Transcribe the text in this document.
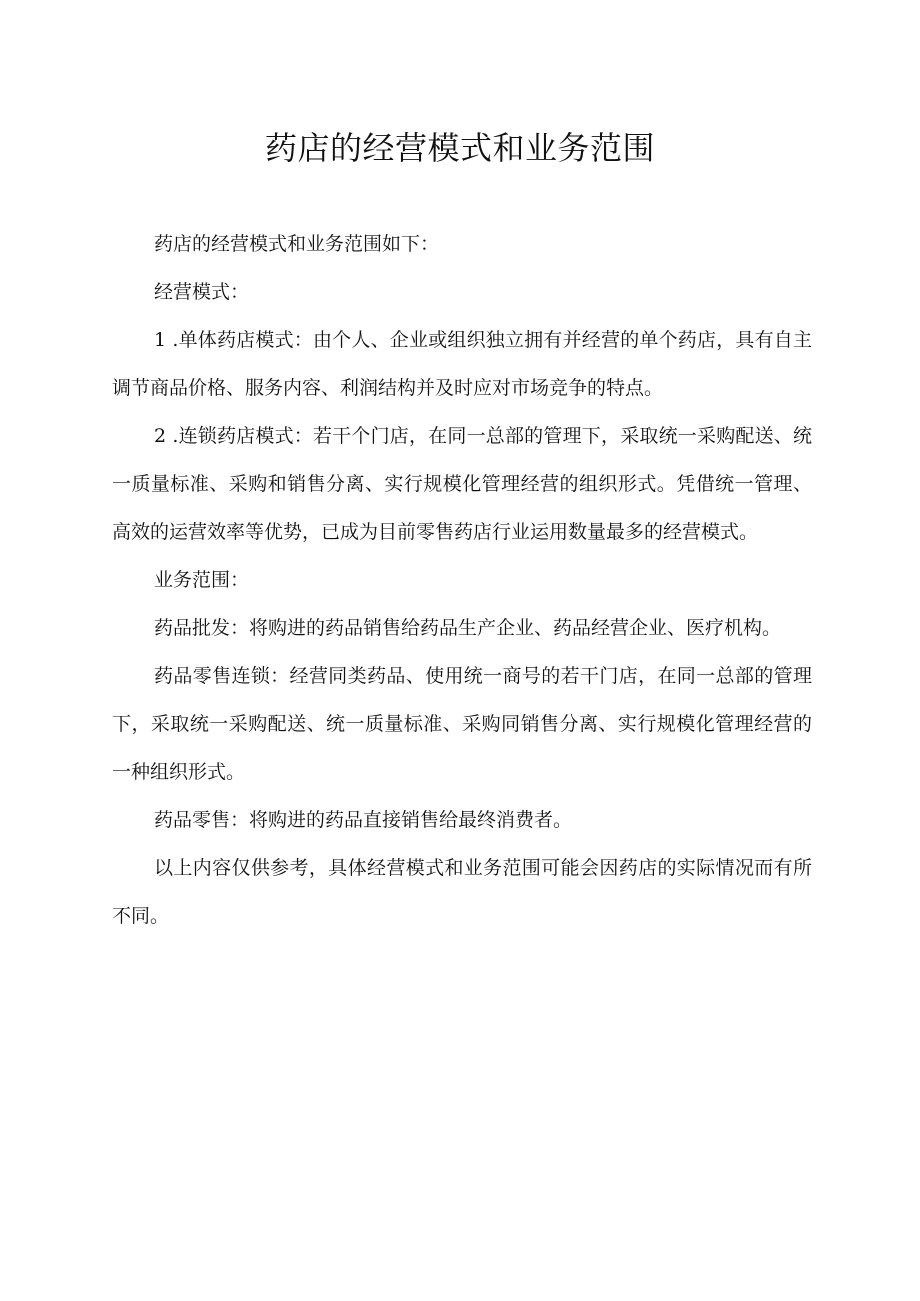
药店的经营模式和业务范围

药店的经营模式和业务范围如下：

经营模式：

1 .单体药店模式：由个人、企业或组织独立拥有并经营的单个药店，具有自主调节商品价格、服务内容、利润结构并及时应对市场竞争的特点。

2 .连锁药店模式：若干个门店，在同一总部的管理下，采取统一采购配送、统一质量标准、采购和销售分离、实行规模化管理经营的组织形式。凭借统一管理、高效的运营效率等优势，已成为目前零售药店行业运用数量最多的经营模式。

业务范围：

药品批发：将购进的药品销售给药品生产企业、药品经营企业、医疗机构。

药品零售连锁：经营同类药品、使用统一商号的若干门店，在同一总部的管理下，采取统一采购配送、统一质量标准、采购同销售分离、实行规模化管理经营的一种组织形式。

药品零售：将购进的药品直接销售给最终消费者。

以上内容仅供参考，具体经营模式和业务范围可能会因药店的实际情况而有所不同。
